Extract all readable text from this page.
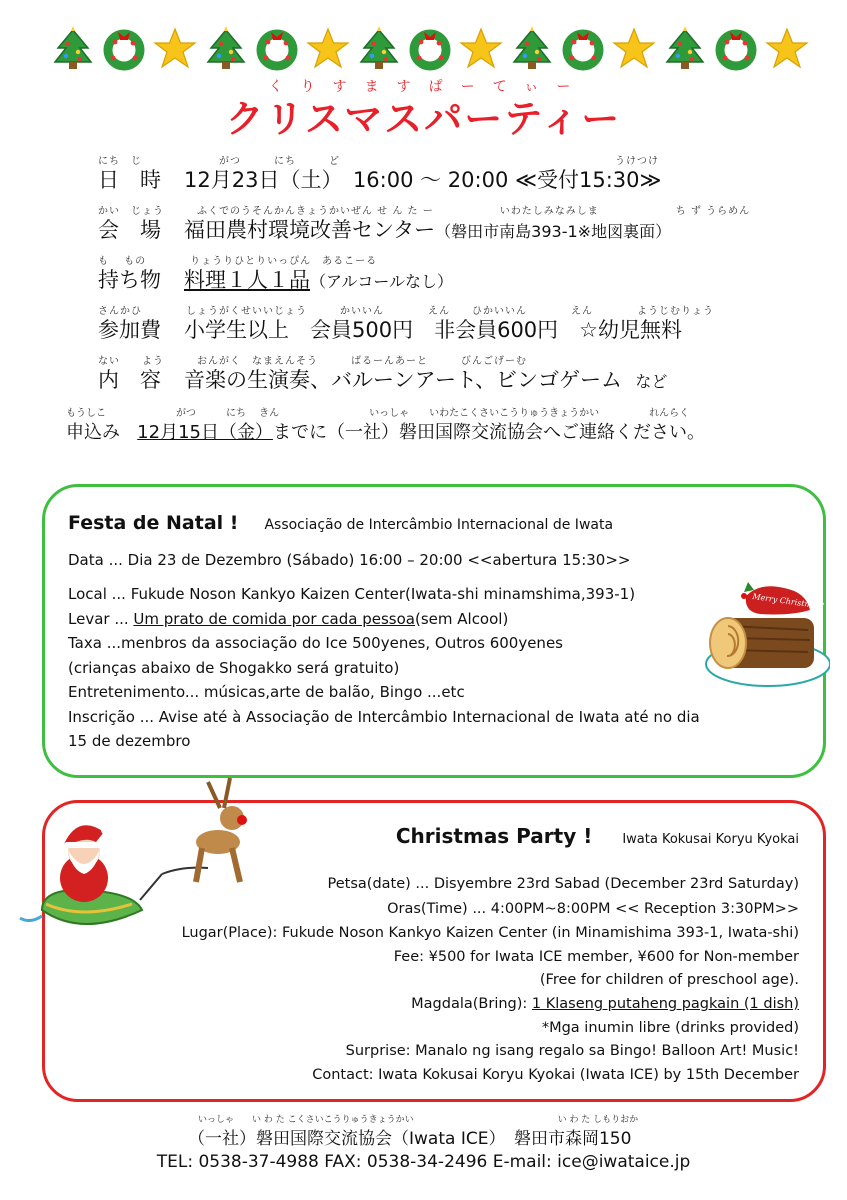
くりすますぱーてぃー
クリスマスパーティー
にち　じ　　　　　　　がつ　　　にち　　　ど　　　　　　　　　　　　　　　　　　　　　　　　　うけつけ
日　時 12月23日（土）　16:00 〜 20:00 ≪受付15:30≫
かい　じょう　　　ふくでのうそんかんきょうかいぜん せ ん た ー　　　　　　いわたしみなみしま　　　　　　　ち ず うらめん
会　場 福田農村環境改善センター（磐田市南島393-1※地図裏面）
も　 もの　　　　りょうりひとりいっぴん　あるこーる
持ち物 料理１人１品（アルコールなし）
さんかひ　　　　しょうがくせいいじょう　　　かいいん　　　　えん　　ひかいいん　　　　えん　　　　ようじむりょう
参加費 小学生以上　会員500円　非会員600円　☆幼児無料
ない　　よう　　　おんがく　なまえんそう　　　ばるーんあーと　　　びんごげーむ
内　容 音楽の生演奏、バルーンアート、ビンゴゲーム など
もうしこ　　　　　　　がつ　　　にち　 きん　　　　　　　　　いっしゃ　　いわたこくさいこうりゅうきょうかい　　　　　れんらく
申込み 12月15日（金）までに（一社）磐田国際交流協会へご連絡ください。
Festa de Natal ! Associação de Intercâmbio Internacional de Iwata
Data ... Dia 23 de Dezembro (Sábado) 16:00 – 20:00 <<abertura 15:30>>
Local ... Fukude Noson Kankyo Kaizen Center(Iwata-shi minamshima,393-1)
Levar ... Um prato de comida por cada pessoa(sem Alcool)
Taxa ...menbros da associação do Ice 500yenes, Outros 600yenes
(crianças abaixo de Shogakko será gratuito)
Entretenimento... músicas,arte de balão, Bingo ...etc
Inscrição ... Avise até à Associação de Intercâmbio Internacional de Iwata até no dia
15 de dezembro
Merry Christmas!
Christmas Party ! Iwata Kokusai Koryu Kyokai
Petsa(date) ... Disyembre 23rd Sabad (December 23rd Saturday)
Oras(Time) ... 4:00PM~8:00PM << Reception 3:30PM>>
Lugar(Place): Fukude Noson Kankyo Kaizen Center (in Minamishima 393-1, Iwata-shi)
Fee: ¥500 for Iwata ICE member, ¥600 for Non-member
(Free for children of preschool age).
Magdala(Bring): 1 Klaseng putaheng pagkain (1 dish)
*Mga inumin libre (drinks provided)
Surprise: Manalo ng isang regalo sa Bingo! Balloon Art! Music!
Contact: Iwata Kokusai Koryu Kyokai (Iwata ICE) by 15th December
いっしゃ　　い わ た こくさいこうりゅうきょうかい　　　　　　　　　　　　　　　　い わ た しもりおか
（一社）磐田国際交流協会（Iwata ICE）　磐田市森岡150
TEL: 0538-37-4988 FAX: 0538-34-2496 E-mail: ice@iwataice.jp
